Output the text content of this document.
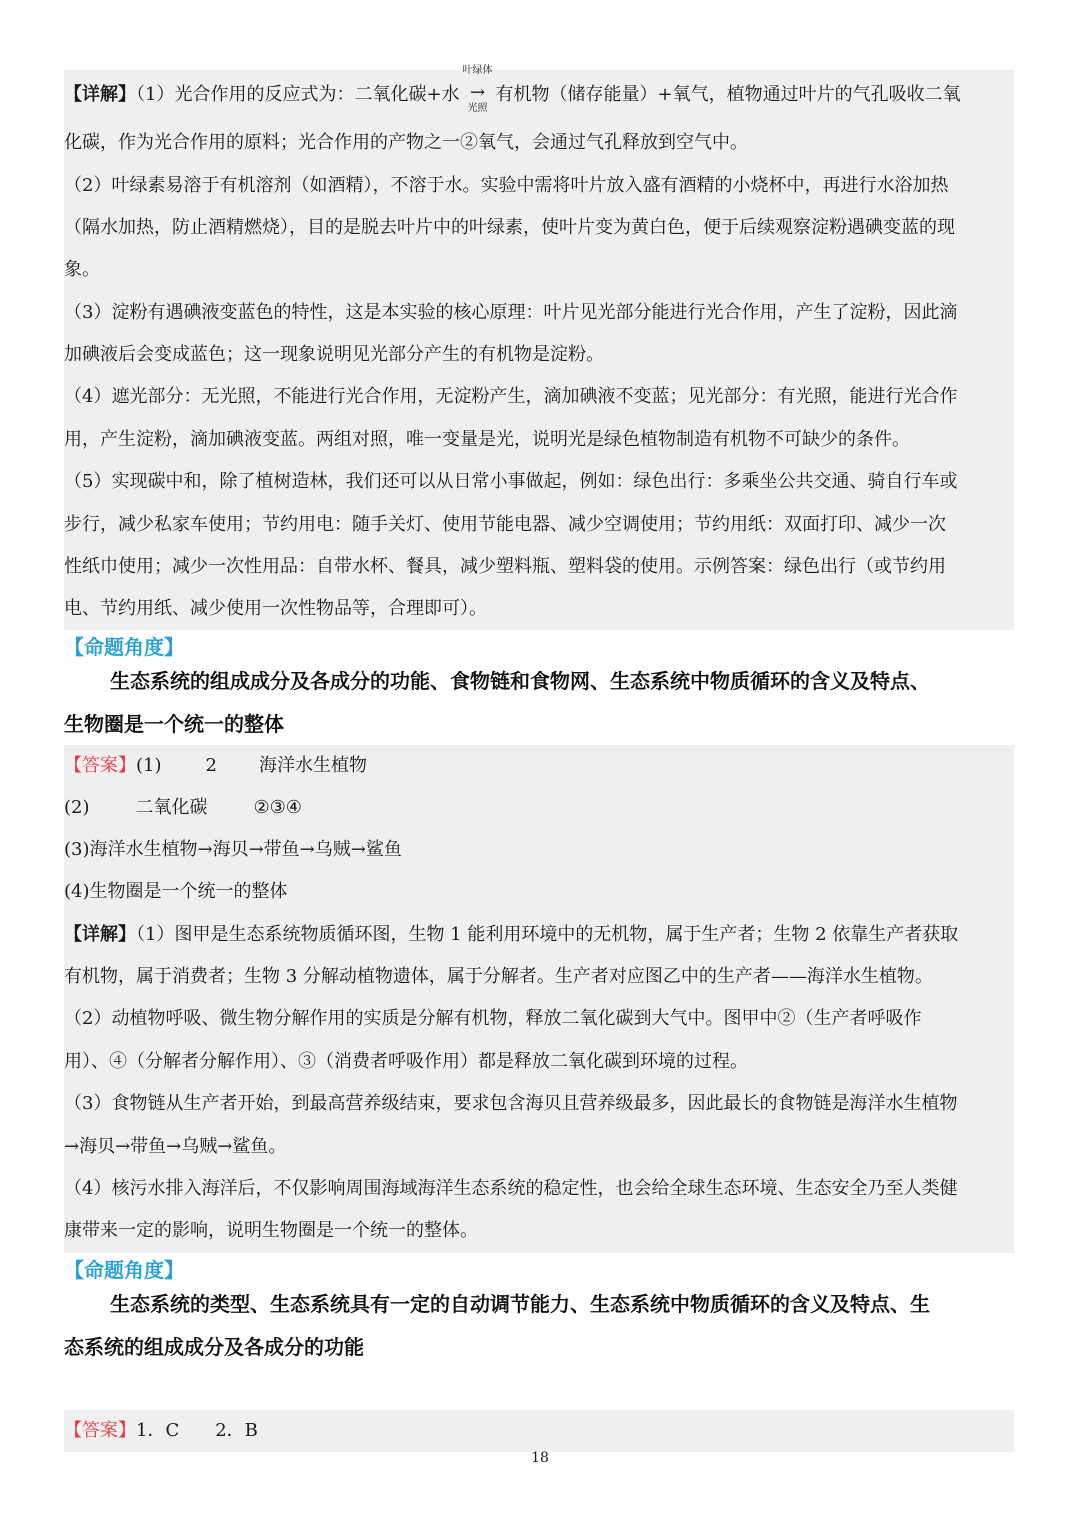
【详解】（1）光合作用的反应式为：二氧化碳+水
叶绿体
→
光照
有机物（储存能量）+氧气，植物通过叶片的气孔吸收二氧
化碳，作为光合作用的原料；光合作用的产物之一②氧气，会通过气孔释放到空气中。
（2）叶绿素易溶于有机溶剂（如酒精），不溶于水。实验中需将叶片放入盛有酒精的小烧杯中，再进行水浴加热
（隔水加热，防止酒精燃烧），目的是脱去叶片中的叶绿素，使叶片变为黄白色，便于后续观察淀粉遇碘变蓝的现
象。
（3）淀粉有遇碘液变蓝色的特性，这是本实验的核心原理：叶片见光部分能进行光合作用，产生了淀粉，因此滴
加碘液后会变成蓝色；这一现象说明见光部分产生的有机物是淀粉。
（4）遮光部分：无光照，不能进行光合作用，无淀粉产生，滴加碘液不变蓝；见光部分：有光照，能进行光合作
用，产生淀粉，滴加碘液变蓝。两组对照，唯一变量是光，说明光是绿色植物制造有机物不可缺少的条件。
（5）实现碳中和，除了植树造林，我们还可以从日常小事做起，例如：绿色出行：多乘坐公共交通、骑自行车或
步行，减少私家车使用；节约用电：随手关灯、使用节能电器、减少空调使用；节约用纸：双面打印、减少一次
性纸巾使用；减少一次性用品：自带水杯、餐具，减少塑料瓶、塑料袋的使用。示例答案：绿色出行（或节约用
电、节约用纸、减少使用一次性物品等，合理即可）。
【命题角度】
生态系统的组成成分及各成分的功能、食物链和食物网、生态系统中物质循环的含义及特点、
生物圈是一个统一的整体
【答案】(1) 2 海洋水生植物
(2)	二氧化碳	②③④
(3)海洋水生植物→海贝→带鱼→乌贼→鲨鱼
(4)生物圈是一个统一的整体
【详解】（1）图甲是生态系统物质循环图，生物 1 能利用环境中的无机物，属于生产者；生物 2 依靠生产者获取
有机物，属于消费者；生物 3 分解动植物遗体，属于分解者。生产者对应图乙中的生产者——海洋水生植物。
（2）动植物呼吸、微生物分解作用的实质是分解有机物，释放二氧化碳到大气中。图甲中②（生产者呼吸作
用）、④（分解者分解作用）、③（消费者呼吸作用）都是释放二氧化碳到环境的过程。
（3）食物链从生产者开始，到最高营养级结束，要求包含海贝且营养级最多，因此最长的食物链是海洋水生植物
→海贝→带鱼→乌贼→鲨鱼。
（4）核污水排入海洋后，不仅影响周围海域海洋生态系统的稳定性，也会给全球生态环境、生态安全乃至人类健
康带来一定的影响，说明生物圈是一个统一的整体。
【命题角度】
生态系统的类型、生态系统具有一定的自动调节能力、生态系统中物质循环的含义及特点、生
态系统的组成成分及各成分的功能
【答案】1．C　　2．B
18
